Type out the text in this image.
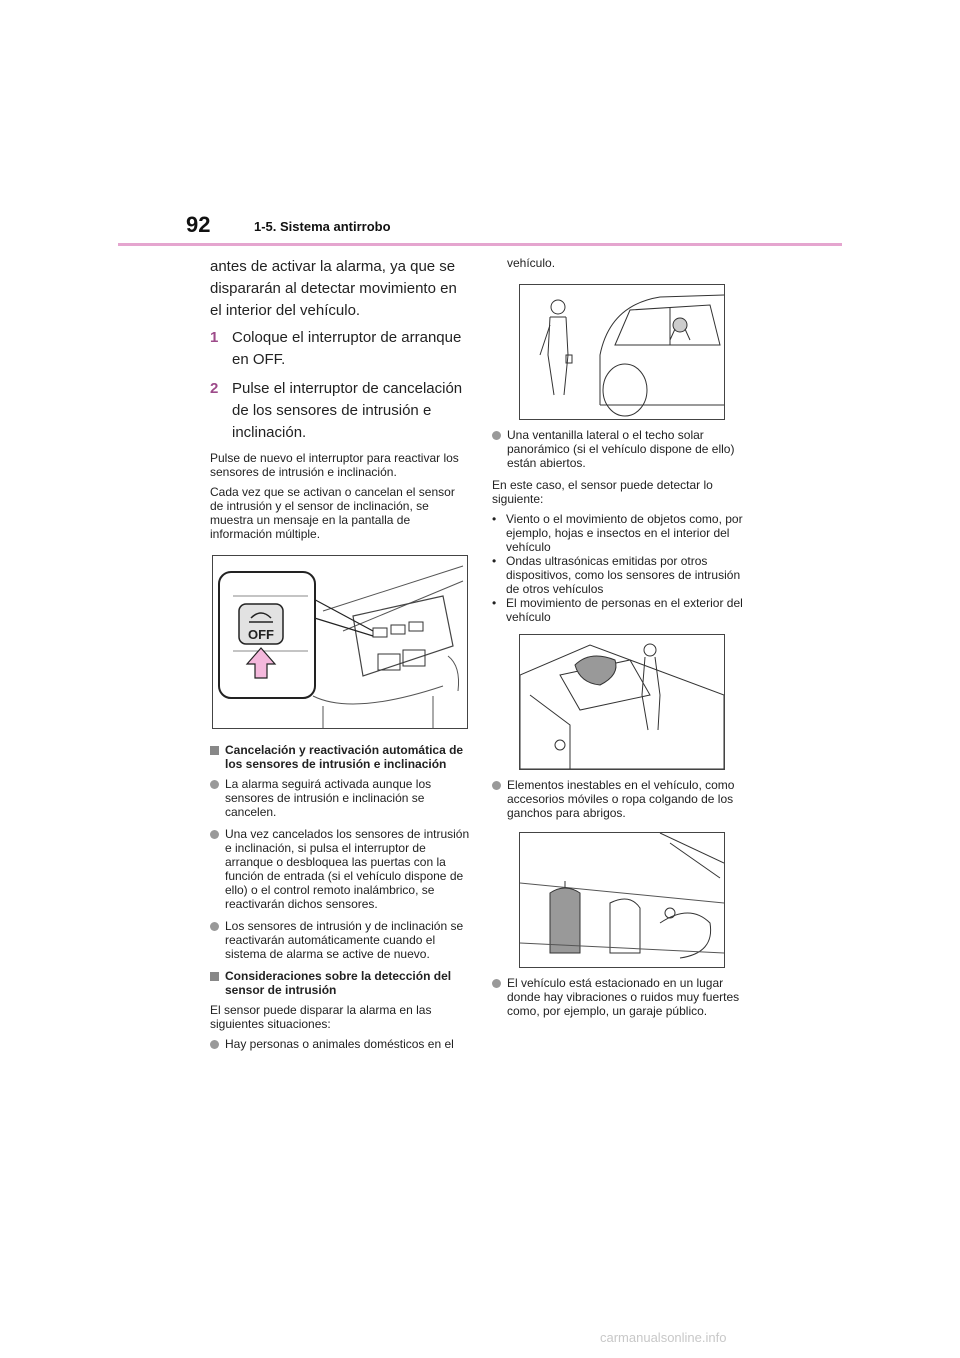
92	1-5. Sistema antirrobo

antes de activar la alarma, ya que se dispararán al detectar movimiento en el interior del vehículo.

1 Coloque el interruptor de arranque en OFF.
2 Pulse el interruptor de cancelación de los sensores de intrusión e inclinación.

Pulse de nuevo el interruptor para reactivar los sensores de intrusión e inclinación.

Cada vez que se activan o cancelan el sensor de intrusión y el sensor de inclinación, se muestra un mensaje en la pantalla de información múltiple.

OFF
Cancelación y reactivación automática de los sensores de intrusión e inclinación
La alarma seguirá activada aunque los sensores de intrusión e inclinación se cancelen.
Una vez cancelados los sensores de intrusión e inclinación, si pulsa el interruptor de arranque o desbloquea las puertas con la función de entrada (si el vehículo dispone de ello) o el control remoto inalámbrico, se reactivarán dichos sensores.
Los sensores de intrusión y de inclinación se reactivarán automáticamente cuando el sistema de alarma se active de nuevo.
Consideraciones sobre la detección del sensor de intrusión

El sensor puede disparar la alarma en las siguientes situaciones:

Hay personas o animales domésticos en el

vehículo.

Una ventanilla lateral o el techo solar panorámico (si el vehículo dispone de ello) están abiertos.

En este caso, el sensor puede detectar lo siguiente:

• Viento o el movimiento de objetos como, por ejemplo, hojas e insectos en el interior del vehículo
• Ondas ultrasónicas emitidas por otros dispositivos, como los sensores de intrusión de otros vehículos
• El movimiento de personas en el exterior del vehículo
Elementos inestables en el vehículo, como accesorios móviles o ropa colgando de los ganchos para abrigos.
El vehículo está estacionado en un lugar donde hay vibraciones o ruidos muy fuertes como, por ejemplo, un garaje público.
carmanualsonline.info
